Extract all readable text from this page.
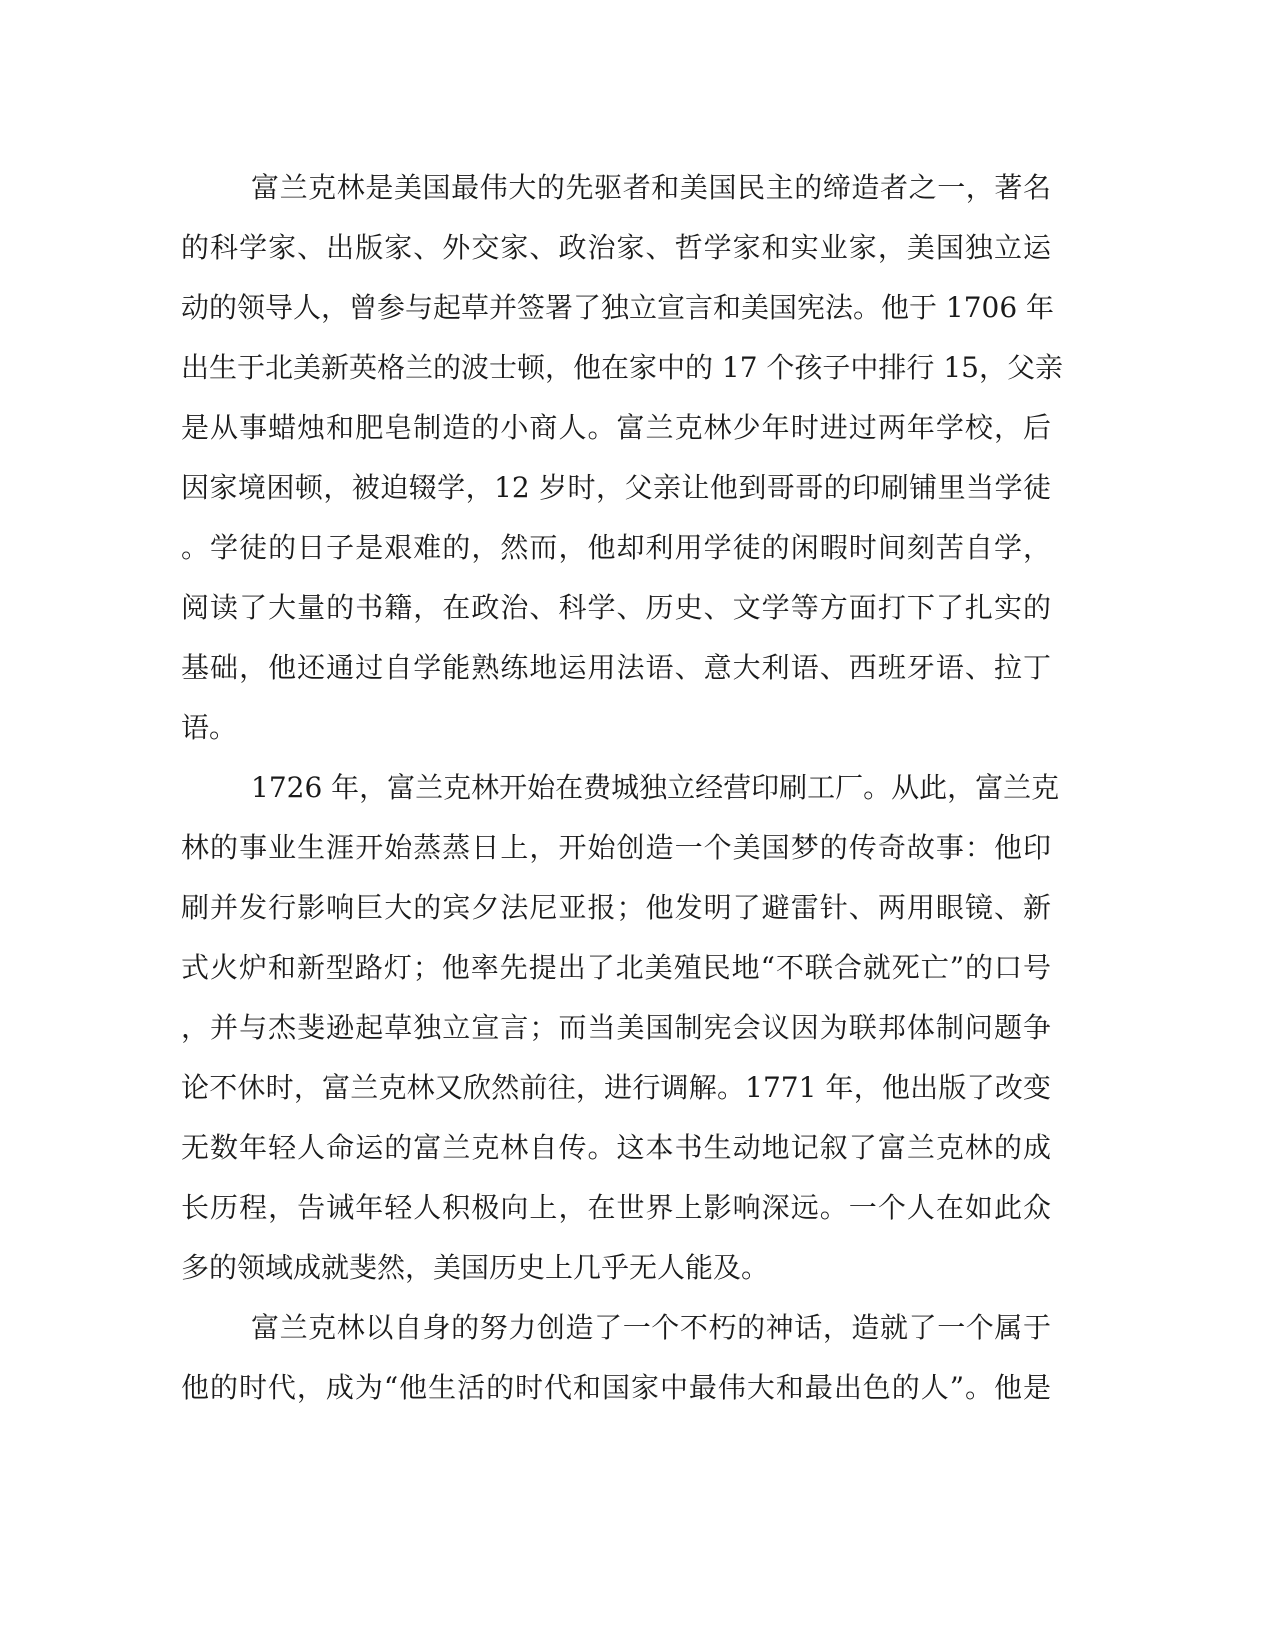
富兰克林是美国最伟大的先驱者和美国民主的缔造者之一，著名
的科学家、出版家、外交家、政治家、哲学家和实业家，美国独立运
动的领导人，曾参与起草并签署了独立宣言和美国宪法。他于 1706 年
出生于北美新英格兰的波士顿，他在家中的 17 个孩子中排行 15，父亲
是从事蜡烛和肥皂制造的小商人。富兰克林少年时进过两年学校，后
因家境困顿，被迫辍学，12 岁时，父亲让他到哥哥的印刷铺里当学徒
。学徒的日子是艰难的，然而，他却利用学徒的闲暇时间刻苦自学，
阅读了大量的书籍，在政治、科学、历史、文学等方面打下了扎实的
基础，他还通过自学能熟练地运用法语、意大利语、西班牙语、拉丁
语。
1726 年，富兰克林开始在费城独立经营印刷工厂。从此，富兰克
林的事业生涯开始蒸蒸日上，开始创造一个美国梦的传奇故事：他印
刷并发行影响巨大的宾夕法尼亚报；他发明了避雷针、两用眼镜、新
式火炉和新型路灯；他率先提出了北美殖民地“不联合就死亡”的口号
，并与杰斐逊起草独立宣言；而当美国制宪会议因为联邦体制问题争
论不休时，富兰克林又欣然前往，进行调解。1771 年，他出版了改变
无数年轻人命运的富兰克林自传。这本书生动地记叙了富兰克林的成
长历程，告诫年轻人积极向上，在世界上影响深远。一个人在如此众
多的领域成就斐然，美国历史上几乎无人能及。
富兰克林以自身的努力创造了一个不朽的神话，造就了一个属于
他的时代，成为“他生活的时代和国家中最伟大和最出色的人”。他是
